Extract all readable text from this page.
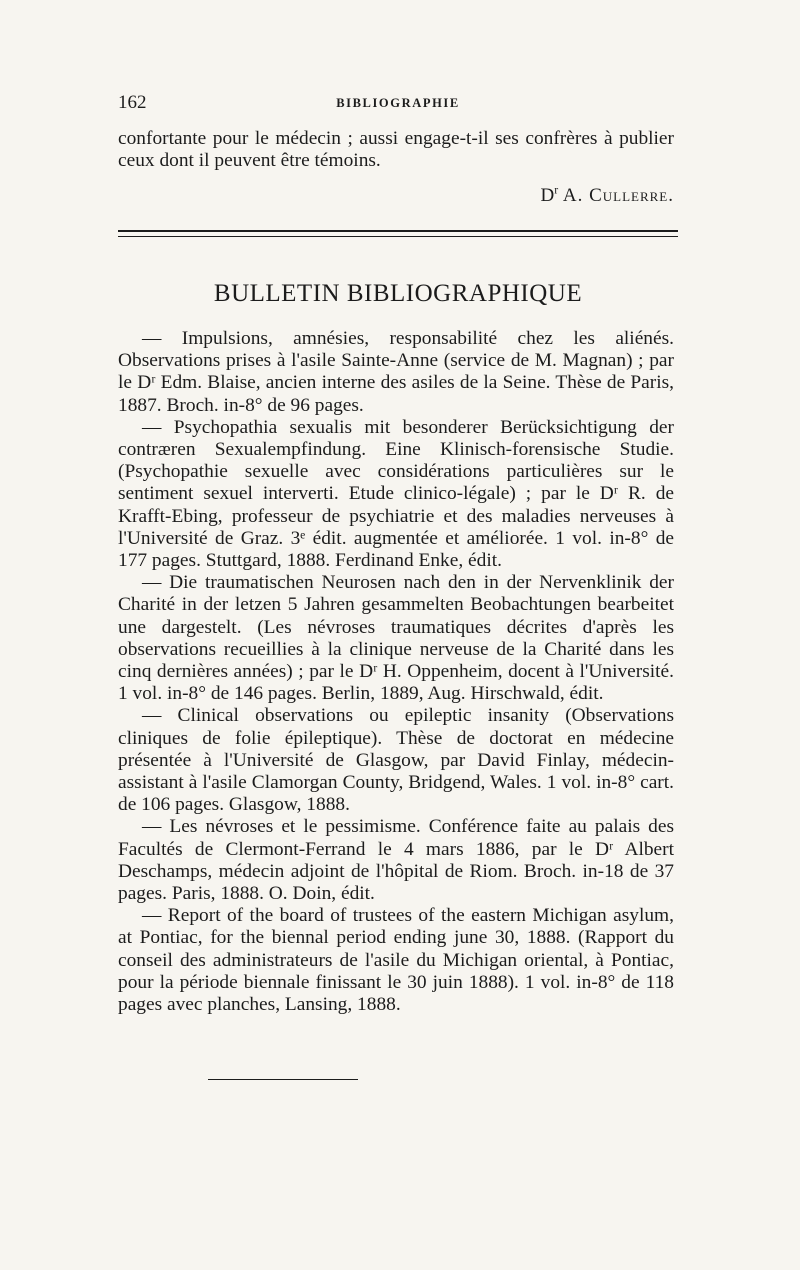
162	BIBLIOGRAPHIE

confortante pour le médecin ; aussi engage-t-il ses confrères à publier ceux dont il peuvent être témoins.

$D^r$ A. Cullerre.
BULLETIN BIBLIOGRAPHIQUE

— Impulsions, amnésies, responsabilité chez les aliénés. Observations prises à l'asile Sainte-Anne (service de M. Magnan) ; par le Dʳ Edm. Blaise, ancien interne des asiles de la Seine. Thèse de Paris, 1887. Broch. in-8° de 96 pages.

— Psychopathia sexualis mit besonderer Berücksichtigung der contræren Sexualempfindung. Eine Klinisch-forensische Studie. (Psychopathie sexuelle avec considérations particulières sur le sentiment sexuel interverti. Etude clinico-légale) ; par le Dʳ R. de Krafft-Ebing, professeur de psychiatrie et des maladies nerveuses à l'Université de Graz. 3ᵉ édit. augmentée et améliorée. 1 vol. in-8° de 177 pages. Stuttgard, 1888. Ferdinand Enke, édit.

— Die traumatischen Neurosen nach den in der Nervenklinik der Charité in der letzen 5 Jahren gesammelten Beobachtungen bearbeitet une dargestelt. (Les névroses traumatiques décrites d'après les observations recueillies à la clinique nerveuse de la Charité dans les cinq dernières années) ; par le Dʳ H. Oppenheim, docent à l'Université. 1 vol. in-8° de 146 pages. Berlin, 1889, Aug. Hirschwald, édit.

— Clinical observations ou epileptic insanity (Observations cliniques de folie épileptique). Thèse de doctorat en médecine présentée à l'Université de Glasgow, par David Finlay, médecin-assistant à l'asile Clamorgan County, Bridgend, Wales. 1 vol. in-8° cart. de 106 pages. Glasgow, 1888.

— Les névroses et le pessimisme. Conférence faite au palais des Facultés de Clermont-Ferrand le 4 mars 1886, par le Dʳ Albert Deschamps, médecin adjoint de l'hôpital de Riom. Broch. in-18 de 37 pages. Paris, 1888. O. Doin, édit.

— Report of the board of trustees of the eastern Michigan asylum, at Pontiac, for the biennal period ending june 30, 1888. (Rapport du conseil des administrateurs de l'asile du Michigan oriental, à Pontiac, pour la période biennale finissant le 30 juin 1888). 1 vol. in-8° de 118 pages avec planches, Lansing, 1888.
